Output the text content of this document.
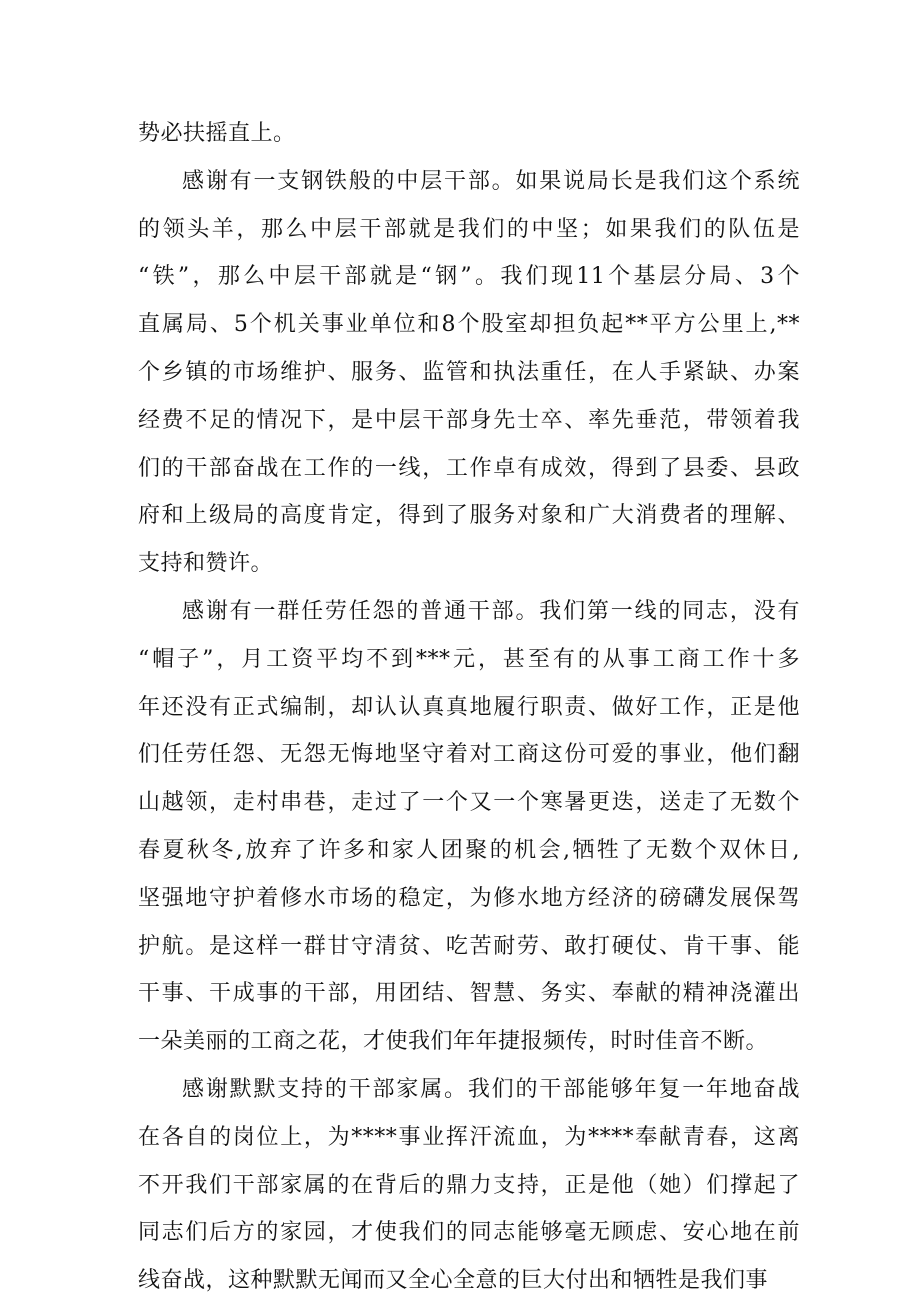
势必扶摇直上。
感谢有一支钢铁般的中层干部。如果说局长是我们这个系统
的领头羊，那么中层干部就是我们的中坚；如果我们的队伍是
“铁”，那么中层干部就是“钢”。我们现11个基层分局、3个
直属局、5个机关事业单位和8个股室却担负起**平方公里上,**
个乡镇的市场维护、服务、监管和执法重任，在人手紧缺、办案
经费不足的情况下，是中层干部身先士卒、率先垂范，带领着我
们的干部奋战在工作的一线，工作卓有成效，得到了县委、县政
府和上级局的高度肯定，得到了服务对象和广大消费者的理解、
支持和赞许。
感谢有一群任劳任怨的普通干部。我们第一线的同志，没有
“帽子”，月工资平均不到***元，甚至有的从事工商工作十多
年还没有正式编制，却认认真真地履行职责、做好工作，正是他
们任劳任怨、无怨无悔地坚守着对工商这份可爱的事业，他们翻
山越领，走村串巷，走过了一个又一个寒暑更迭，送走了无数个
春夏秋冬,放弃了许多和家人团聚的机会,牺牲了无数个双休日,
坚强地守护着修水市场的稳定，为修水地方经济的磅礴发展保驾
护航。是这样一群甘守清贫、吃苦耐劳、敢打硬仗、肯干事、能
干事、干成事的干部，用团结、智慧、务实、奉献的精神浇灌出
一朵美丽的工商之花，才使我们年年捷报频传，时时佳音不断。
感谢默默支持的干部家属。我们的干部能够年复一年地奋战
在各自的岗位上，为****事业挥汗流血，为****奉献青春，这离
不开我们干部家属的在背后的鼎力支持，正是他（她）们撑起了
同志们后方的家园，才使我们的同志能够毫无顾虑、安心地在前
线奋战，这种默默无闻而又全心全意的巨大付出和牺牲是我们事
